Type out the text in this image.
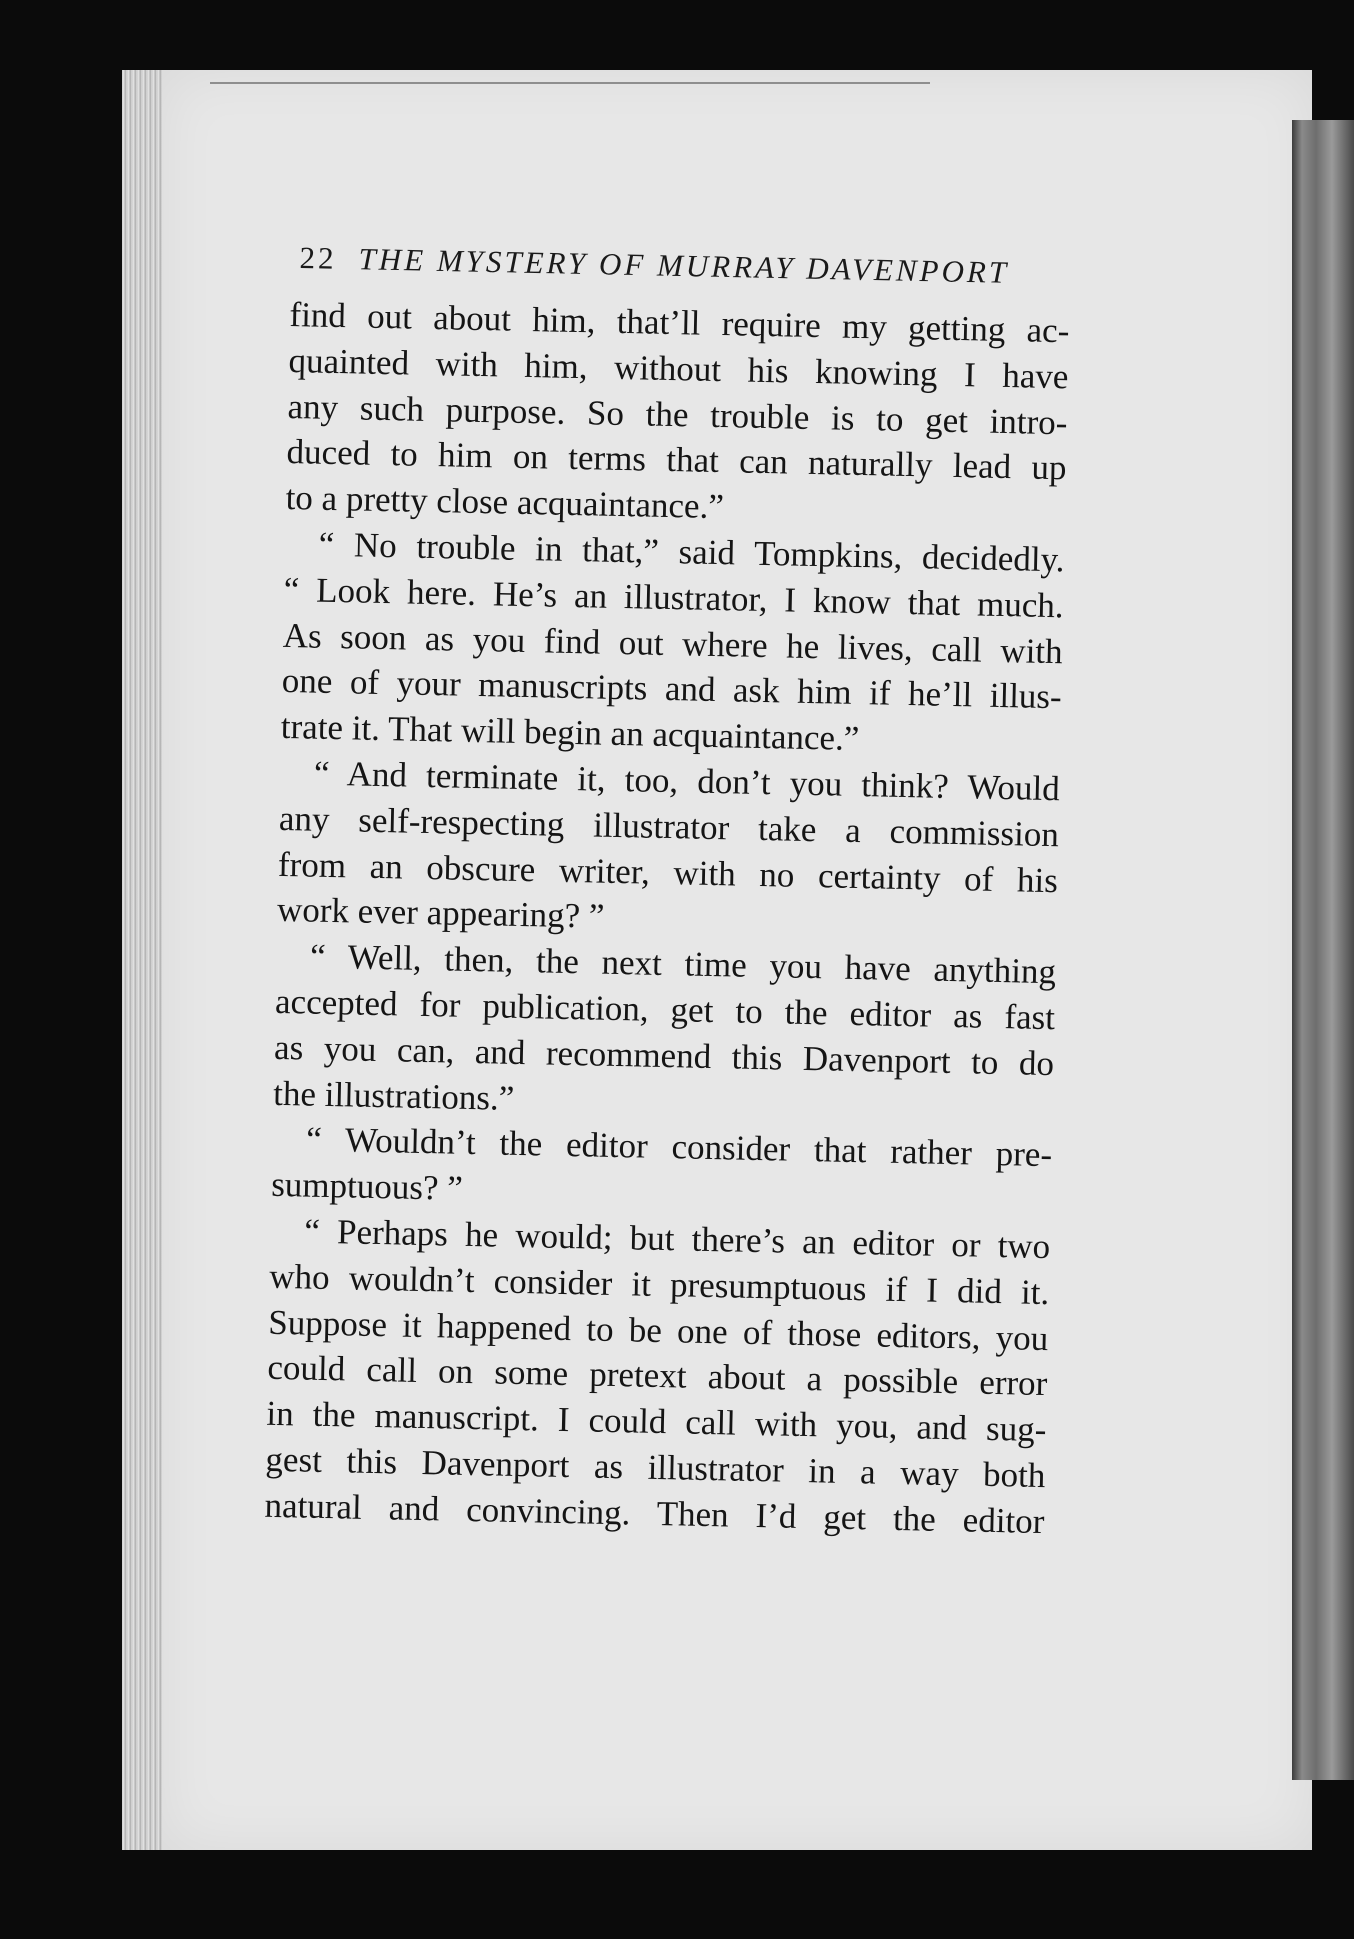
22 THE MYSTERY OF MURRAY DAVENPORT
find out about him, that’ll require my getting ac-
quainted with him, without his knowing I have
any such purpose. So the trouble is to get intro-
duced to him on terms that can naturally lead up
to a pretty close acquaintance.”
“ No trouble in that,” said Tompkins, decidedly.
“ Look here. He’s an illustrator, I know that much.
As soon as you find out where he lives, call with
one of your manuscripts and ask him if he’ll illus-
trate it. That will begin an acquaintance.”
“ And terminate it, too, don’t you think? Would
any self-respecting illustrator take a commission
from an obscure writer, with no certainty of his
work ever appearing? ”
“ Well, then, the next time you have anything
accepted for publication, get to the editor as fast
as you can, and recommend this Davenport to do
the illustrations.”
“ Wouldn’t the editor consider that rather pre-
sumptuous? ”
“ Perhaps he would; but there’s an editor or two
who wouldn’t consider it presumptuous if I did it.
Suppose it happened to be one of those editors, you
could call on some pretext about a possible error
in the manuscript. I could call with you, and sug-
gest this Davenport as illustrator in a way both
natural and convincing. Then I’d get the editor
